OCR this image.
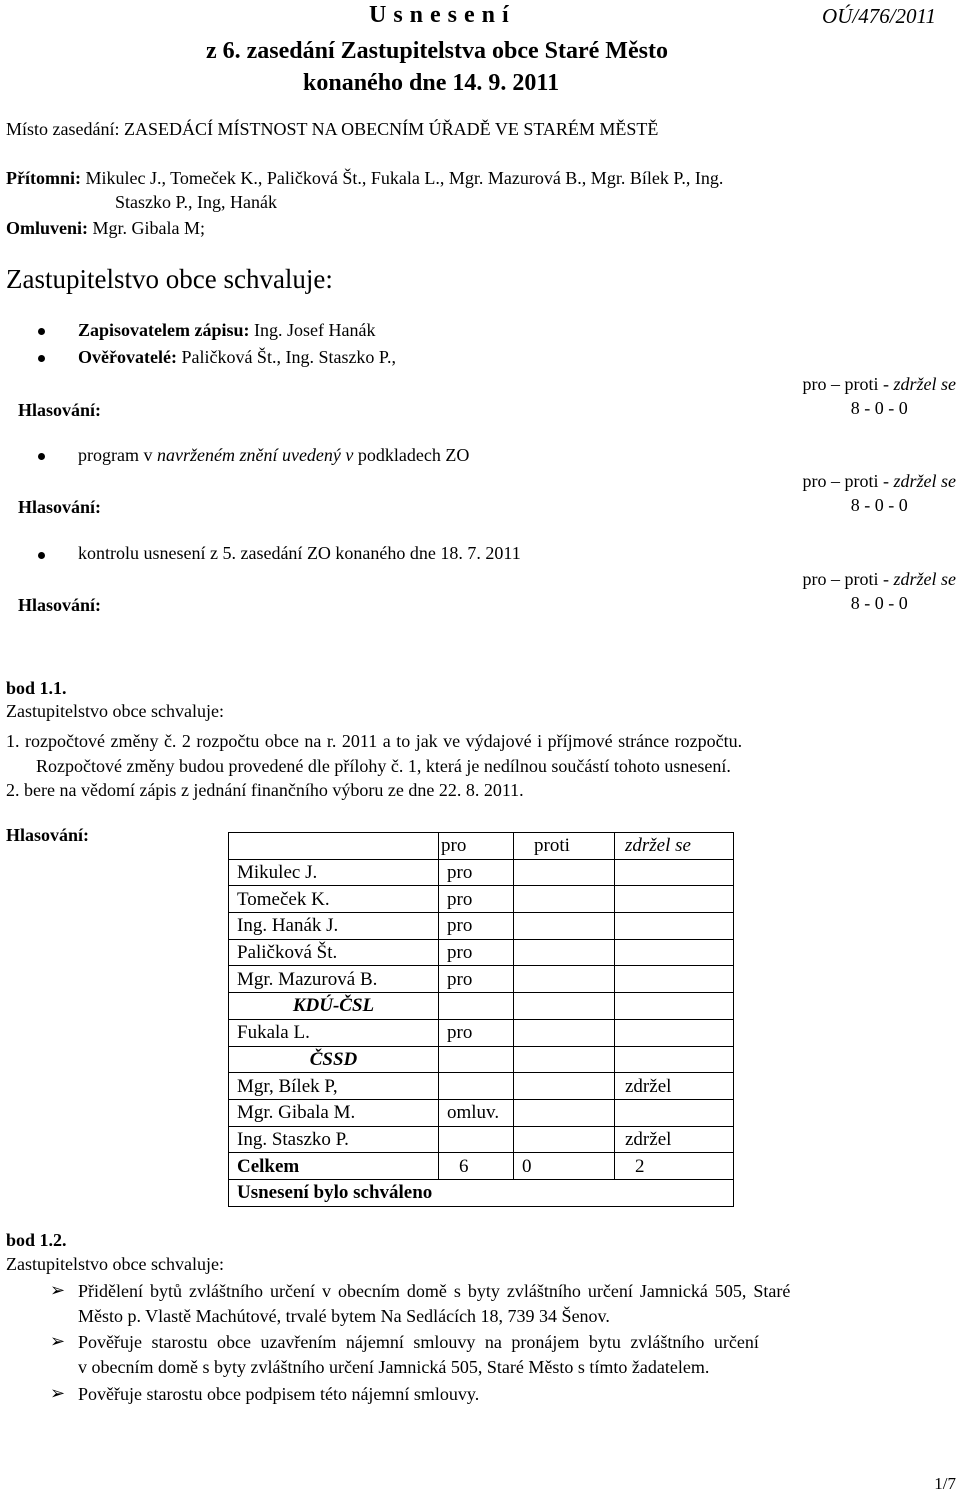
U s n e s e n í	OÚ/476/2011
z 6. zasedání Zastupitelstva obce Staré Město
konaného dne 14. 9. 2011
Místo zasedání: ZASEDÁCÍ MÍSTNOST NA OBECNÍM ÚŘADĚ VE STARÉM MĚSTĚ
Přítomni: Mikulec J., Tomeček K., Paličková Št., Fukala L., Mgr. Mazurová B., Mgr. Bílek P., Ing.
Staszko P., Ing, Hanák
Omluveni: Mgr. Gibala M;
Zastupitelstvo obce schvaluje:
Zapisovatelem zápisu: Ing. Josef Hanák
Ověřovatelé: Paličková Št., Ing. Staszko P.,
pro – proti - zdržel se
8 - 0 - 0
Hlasování:
program v navrženém znění uvedený v podkladech ZO
pro – proti - zdržel se
8 - 0 - 0
Hlasování:
kontrolu usnesení z 5. zasedání ZO konaného dne 18. 7. 2011
pro – proti - zdržel se
8 - 0 - 0
Hlasování:
bod 1.1.
Zastupitelstvo obce schvaluje:
1. rozpočtové změny č. 2 rozpočtu obce na r. 2011 a to jak ve výdajové i příjmové stránce rozpočtu.
Rozpočtové změny budou provedené dle přílohy č. 1, která je nedílnou součástí tohoto usnesení.
2. bere na vědomí zápis z jednání finančního výboru ze dne 22. 8. 2011.
Hlasování:
	pro	proti	zdržel se
Mikulec J.	pro		
Tomeček K.	pro		
Ing. Hanák J.	pro		
Paličková Št.	pro		
Mgr. Mazurová B.	pro		
KDÚ-ČSL			
Fukala L.	pro		
ČSSD			
Mgr, Bílek P,			zdržel
Mgr. Gibala M.	omluv.		
Ing. Staszko P.			zdržel
Celkem	6	0	2
Usnesení bylo schváleno			
bod 1.2.
Zastupitelstvo obce schvaluje:
➢ Přidělení bytů zvláštního určení v obecním domě s byty zvláštního určení Jamnická 505, Staré
Město p. Vlastě Machútové, trvalé bytem Na Sedlácích 18, 739 34 Šenov.
➢ Pověřuje starostu obce uzavřením nájemní smlouvy na pronájem bytu zvláštního určení
v obecním domě s byty zvláštního určení Jamnická 505, Staré Město s tímto žadatelem.
➢ Pověřuje starostu obce podpisem této nájemní smlouvy.
1/7
